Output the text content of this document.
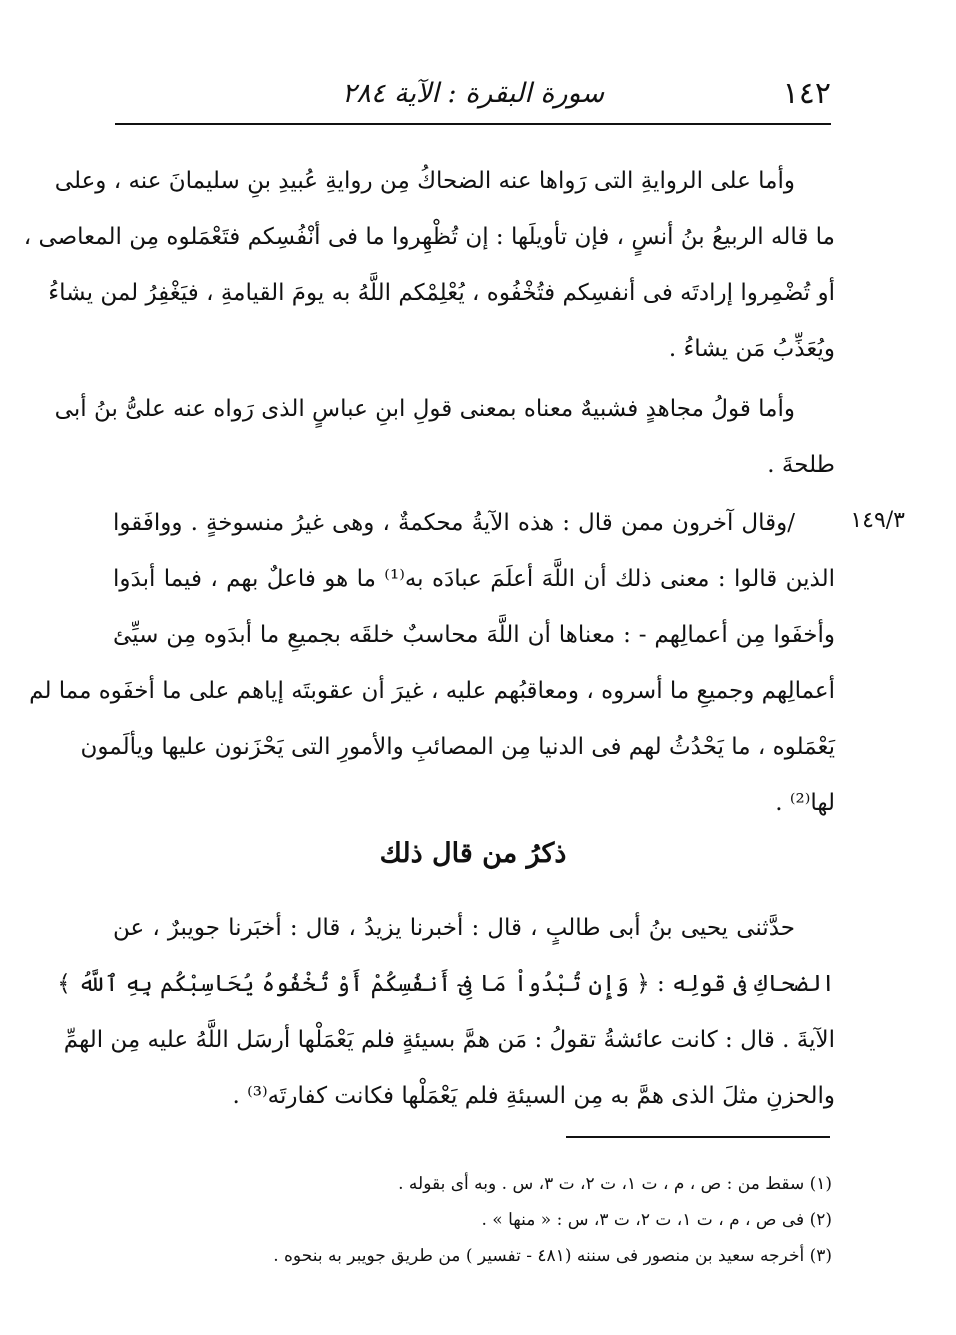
١٤٢
سورة البقرة : الآية ٢٨٤
وأما على الروايةِ التى رَواها عنه الضحاكُ مِن روايةِ عُبيدِ بنِ سليمانَ عنه ، وعلى
ما قاله الربيعُ بنُ أنسٍ ، فإن تأويلَها : إن تُظْهِروا ما فى أنْفُسِكم فتَعْمَلوه مِن المعاصى ،
أو تُضْمِروا إرادتَه فى أنفسِكم فتُخْفُوه ، يُعْلِمْكم اللَّهُ به يومَ القيامةِ ، فيَغْفِرُ لمن يشاءُ
ويُعَذِّبُ مَن يشاءُ .
وأما قولُ مجاهدٍ فشبيهٌ معناه بمعنى قولِ ابنِ عباسٍ الذى رَواه عنه علىُّ بنُ أبى
طلحةَ .
١٤٩/٣
/وقال آخرون ممن قال : هذه الآيةُ محكمةٌ ، وهى غيرُ منسوخةٍ . ووافَقوا
الذين قالوا : معنى ذلك أن اللَّهَ أعلَمَ عبادَه به⁽¹⁾ ما هو فاعلٌ بهم ، فيما أبدَوا
وأخفَوا مِن أعمالِهم - : معناها أن اللَّهَ محاسبٌ خلقَه بجميعِ ما أبدَوه مِن سيِّئ
أعمالِهم وجميعِ ما أسروه ، ومعاقبُهم عليه ، غيرَ أن عقوبتَه إياهم على ما أخفَوه مما لم
يَعْمَلوه ، ما يَحْدُثُ لهم فى الدنيا مِن المصائبِ والأمورِ التى يَحْزَنون عليها ويألَمون
لها⁽²⁾ .
ذكرُ من قال ذلك
حدَّثنى يحيى بنُ أبى طالبٍ ، قال : أخبرنا يزيدُ ، قال : أخبَرنا جويبرٌ ، عن
الضحاكِ فى قولِه : ﴿ وَإِن تُبْدُواْ مَا فِىٓ أَنفُسِكُمْ أَوْ تُخْفُوهُ يُحَاسِبْكُم بِهِ ٱللَّهُ ﴾
الآيةَ . قال : كانت عائشةُ تقولُ : مَن همَّ بسيئةٍ فلم يَعْمَلْها أرسَل اللَّهُ عليه مِن الهمِّ
والحزنِ مثلَ الذى همَّ به مِن السيئةِ فلم يَعْمَلْها فكانت كفارتَه⁽³⁾ .
(١) سقط من : ص ، م ، ت ١، ت ٢، ت ٣، س . وبه أى بقوله .
(٢) فى ص ، م ، ت ١، ت ٢، ت ٣، س : « منها » .
(٣) أخرجه سعيد بن منصور فى سننه (٤٨١ - تفسير ) من طريق جويبر به بنحوه .
